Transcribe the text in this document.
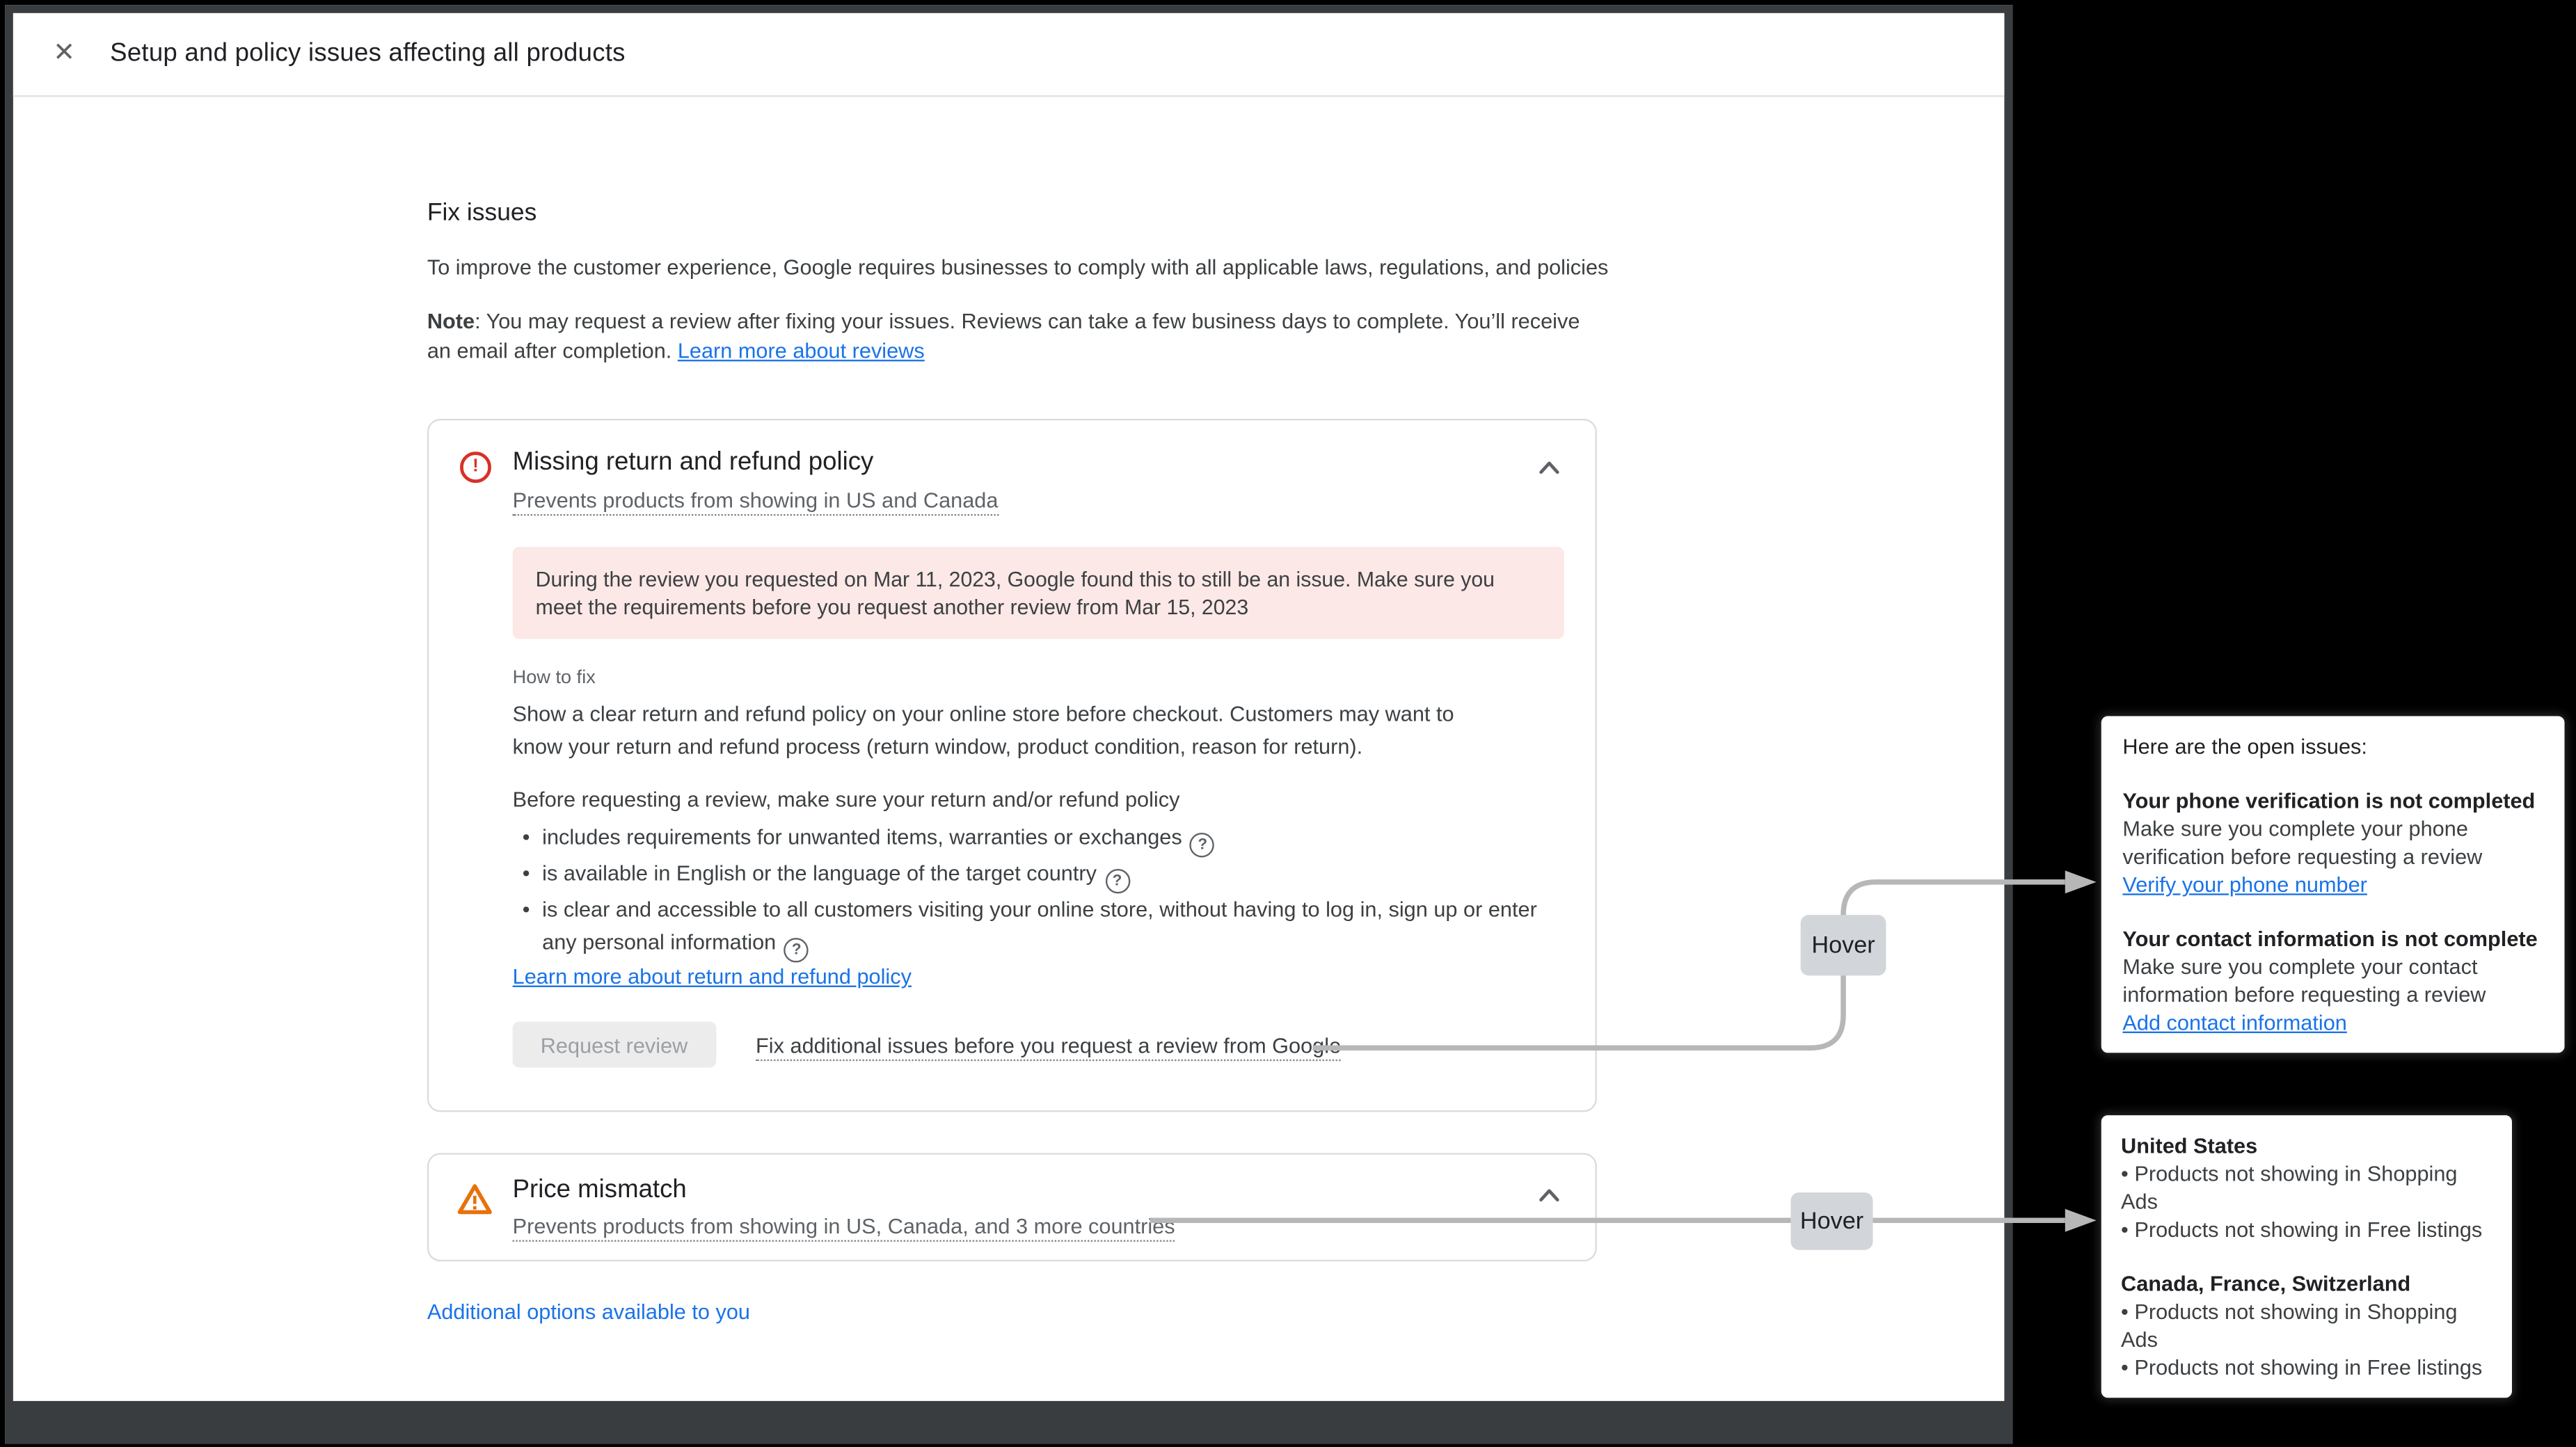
✕	Setup and policy issues affecting all products
Fix issues
To improve the customer experience, Google requires businesses to comply with all applicable laws, regulations, and policies
Note: You may request a review after fixing your issues. Reviews can take a few business days to complete. You’ll receive an email after completion. Learn more about reviews
!	Missing return and refund policy
Prevents products from showing in US and Canada
During the review you requested on Mar 11, 2023, Google found this to still be an issue. Make sure you meet the requirements before you request another review from Mar 15, 2023
How to fix
Show a clear return and refund policy on your online store before checkout. Customers may want to know your return and refund process (return window, product condition, reason for return).
Before requesting a review, make sure your return and/or refund policy
• includes requirements for unwanted items, warranties or exchanges ?
• is available in English or the language of the target country ?
• is clear and accessible to all customers visiting your online store, without having to log in, sign up or enter any personal information ?
Learn more about return and refund policy
Request review	Fix additional issues before you request a review from Google
Price mismatch
Prevents products from showing in US, Canada, and 3 more countries
Additional options available to you
Hover
Hover
Here are the open issues:
Your phone verification is not completed
Make sure you complete your phone verification before requesting a review
Verify your phone number
Your contact information is not complete
Make sure you complete your contact information before requesting a review
Add contact information
United States
• Products not showing in Shopping Ads
• Products not showing in Free listings
Canada, France, Switzerland
• Products not showing in Shopping Ads
• Products not showing in Free listings
